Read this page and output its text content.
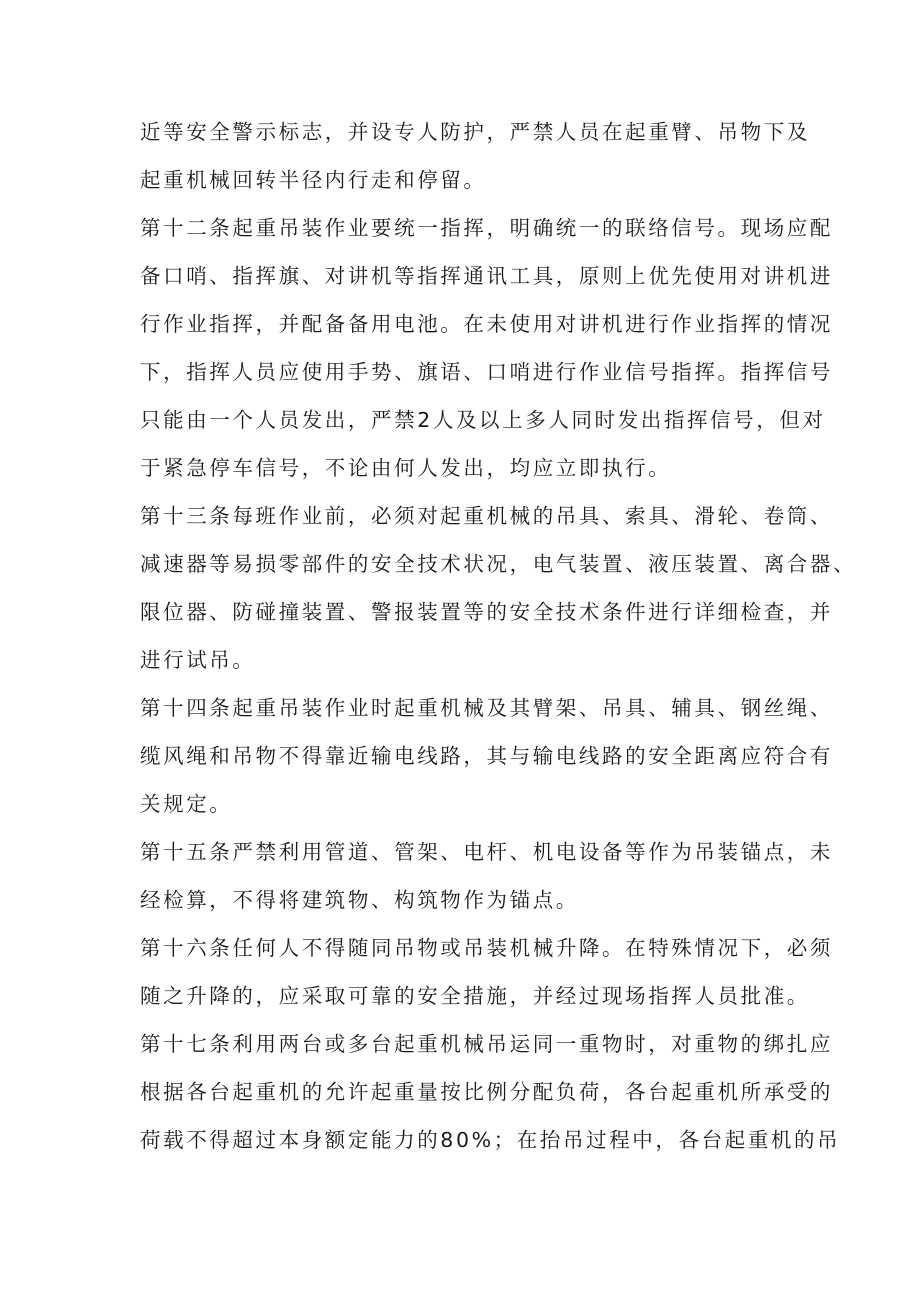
近等安全警示标志，并设专人防护，严禁人员在起重臂、吊物下及
起重机械回转半径内行走和停留。
第十二条起重吊装作业要统一指挥，明确统一的联络信号。现场应配
备口哨、指挥旗、对讲机等指挥通讯工具，原则上优先使用对讲机进
行作业指挥，并配备备用电池。在未使用对讲机进行作业指挥的情况
下，指挥人员应使用手势、旗语、口哨进行作业信号指挥。指挥信号
只能由一个人员发出，严禁2人及以上多人同时发出指挥信号，但对
于紧急停车信号，不论由何人发出，均应立即执行。
第十三条每班作业前，必须对起重机械的吊具、索具、滑轮、卷筒、
减速器等易损零部件的安全技术状况，电气装置、液压装置、离合器、
限位器、防碰撞装置、警报装置等的安全技术条件进行详细检查，并
进行试吊。
第十四条起重吊装作业时起重机械及其臂架、吊具、辅具、钢丝绳、
缆风绳和吊物不得靠近输电线路，其与输电线路的安全距离应符合有
关规定。
第十五条严禁利用管道、管架、电杆、机电设备等作为吊装锚点，未
经检算，不得将建筑物、构筑物作为锚点。
第十六条任何人不得随同吊物或吊装机械升降。在特殊情况下，必须
随之升降的，应采取可靠的安全措施，并经过现场指挥人员批准。
第十七条利用两台或多台起重机械吊运同一重物时，对重物的绑扎应
根据各台起重机的允许起重量按比例分配负荷，各台起重机所承受的
荷载不得超过本身额定能力的80%；在抬吊过程中，各台起重机的吊
